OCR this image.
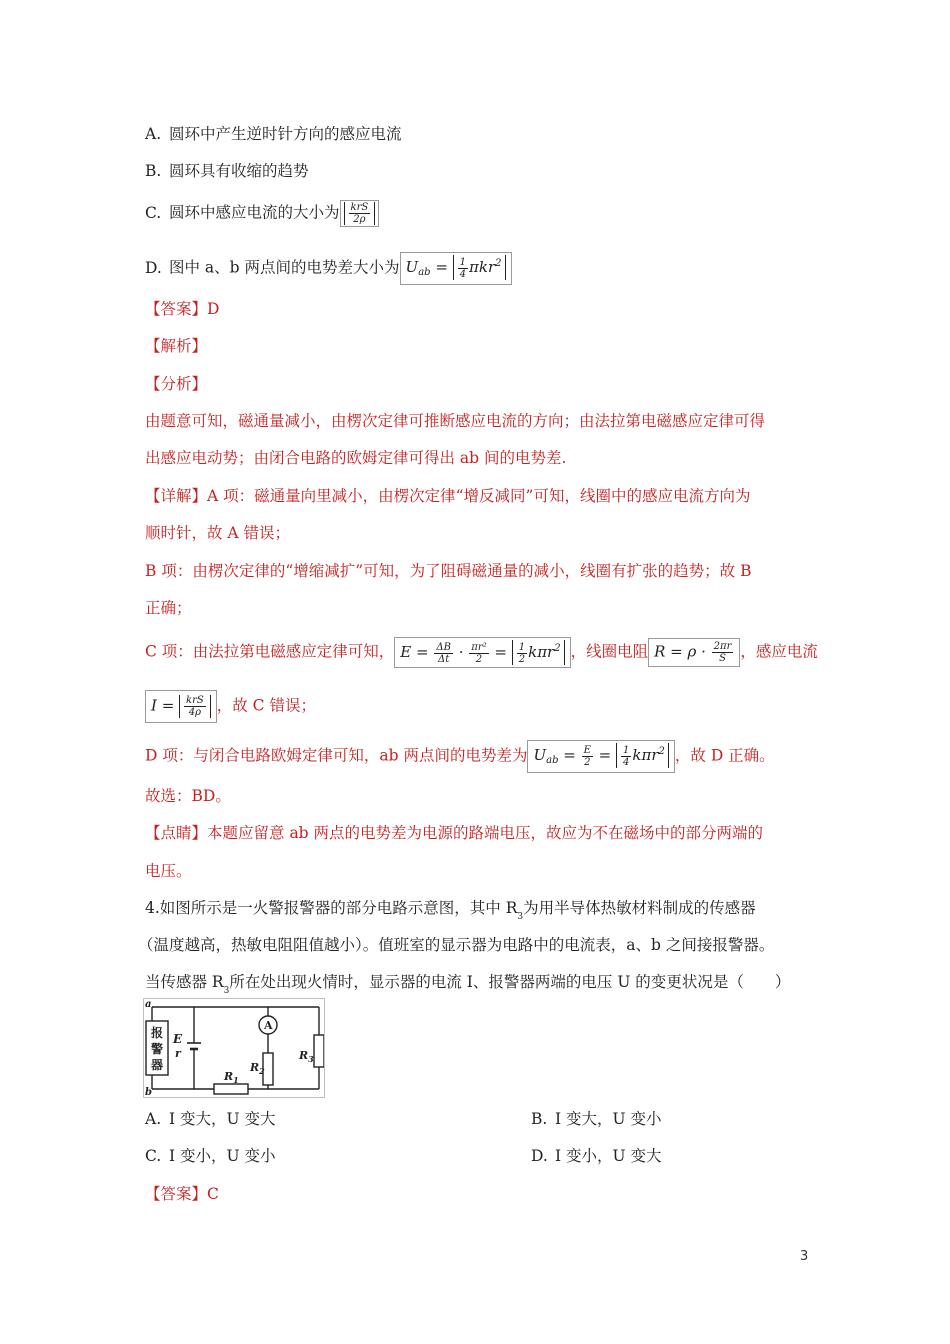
A. 圆环中产生逆时针方向的感应电流
B. 圆环具有收缩的趋势
C. 圆环中感应电流的大小为 $\frac{\text{krS}}{2\rho}$
D. 图中 a、b 两点间的电势差大小为 $U_{ab} = \frac{1}{4} \pi kr^2$
【答案】D
【解析】
【分析】
由题意可知，磁通量减小，由楞次定律可推断感应电流的方向；由法拉第电磁感应定律可得
出感应电动势；由闭合电路的欧姆定律可得出 ab 间的电势差.
【详解】A 项：磁通量向里减小，由楞次定律“增反减同”可知，线圈中的感应电流方向为
顺时针，故 A 错误；
B 项：由楞次定律的“增缩减扩”可知，为了阻碍磁通量的减小，线圈有扩张的趋势；故 B
正确；
C 项：由法拉第电磁感应定律可知， $E = \frac{\Delta B}{\Delta t} \cdot \frac{\text{πr²}}{2} = \frac{1}{2} k\pi r^2$ ，线圈电阻 $R = \rho \cdot \frac{2\pi r}{S}$ ，感应电流
$I = \frac{\text{krS}}{4\rho}$ ，故 C 错误；
D 项：与闭合电路欧姆定律可知，ab 两点间的电势差为 $U_{ab} = \frac{E}{2} = \frac{1}{4} k\pi r^2$ ，故 D 正确。
故选：BD。
【点睛】本题应留意 ab 两点的电势差为电源的路端电压，故应为不在磁场中的部分两端的
电压。
4.如图所示是一火警报警器的部分电路示意图，其中 $R_3$为用半导体热敏材料制成的传感器
（温度越高，热敏电阻阻值越小）。值班室的显示器为电路中的电流表，a、b 之间接报警器。
当传感器 $R_3$所在处出现火情时，显示器的电流 I、报警器两端的电压 U 的变更状况是（　　）
a
b
报
警
器
E
r
A
$R_1$
$R_2$
$R_3$
A. I 变大，U 变大	B. I 变大，U 变小
C. I 变小，U 变小	D. I 变小，U 变大
【答案】C
3
